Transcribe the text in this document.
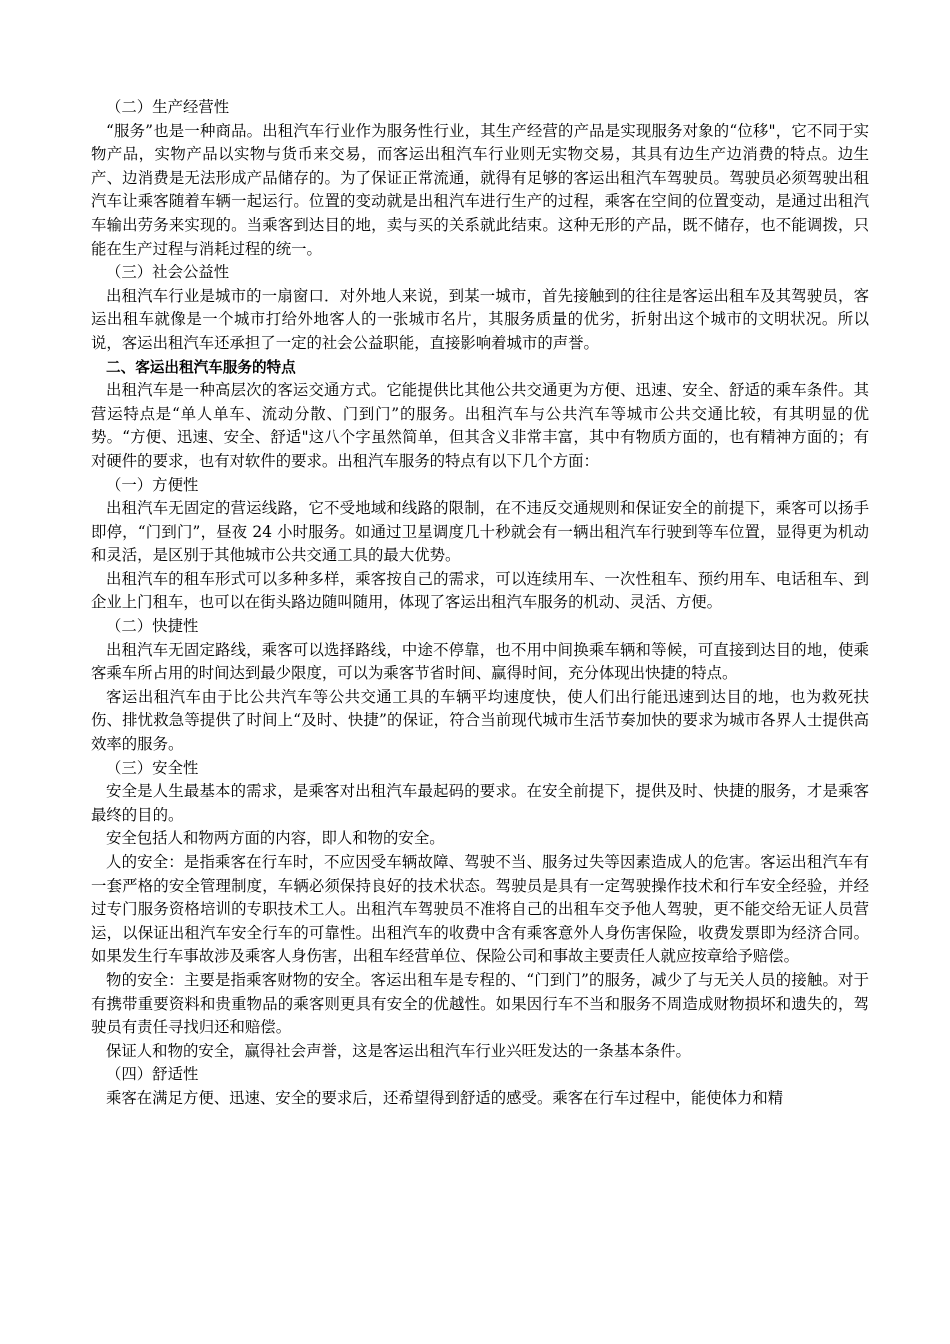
（二）生产经营性

“服务”也是一种商品。出租汽车行业作为服务性行业，其生产经营的产品是实现服务对象的“位移"，它不同于实物产品，实物产品以实物与货币来交易，而客运出租汽车行业则无实物交易，其具有边生产边消费的特点。边生产、边消费是无法形成产品储存的。为了保证正常流通，就得有足够的客运出租汽车驾驶员。驾驶员必须驾驶出租汽车让乘客随着车辆一起运行。位置的变动就是出租汽车进行生产的过程，乘客在空间的位置变动，是通过出租汽车输出劳务来实现的。当乘客到达目的地，卖与买的关系就此结束。这种无形的产品，既不储存，也不能调拨，只能在生产过程与消耗过程的统一。

（三）社会公益性

出租汽车行业是城市的一扇窗口．对外地人来说，到某一城市，首先接触到的往往是客运出租车及其驾驶员，客运出租车就像是一个城市打给外地客人的一张城市名片，其服务质量的优劣，折射出这个城市的文明状况。所以说，客运出租汽车还承担了一定的社会公益职能，直接影响着城市的声誉。

二、客运出租汽车服务的特点

出租汽车是一种高层次的客运交通方式。它能提供比其他公共交通更为方便、迅速、安全、舒适的乘车条件。其营运特点是“单人单车、流动分散、门到门”的服务。出租汽车与公共汽车等城市公共交通比较，有其明显的优势。“方便、迅速、安全、舒适"这八个字虽然简单，但其含义非常丰富，其中有物质方面的，也有精神方面的；有对硬件的要求，也有对软件的要求。出租汽车服务的特点有以下几个方面：

（一）方便性

出租汽车无固定的营运线路，它不受地域和线路的限制，在不违反交通规则和保证安全的前提下，乘客可以扬手即停，“门到门”，昼夜 24 小时服务。如通过卫星调度几十秒就会有一辆出租汽车行驶到等车位置，显得更为机动和灵活，是区别于其他城市公共交通工具的最大优势。

出租汽车的租车形式可以多种多样，乘客按自己的需求，可以连续用车、一次性租车、预约用车、电话租车、到企业上门租车，也可以在街头路边随叫随用，体现了客运出租汽车服务的机动、灵活、方便。

（二）快捷性

出租汽车无固定路线，乘客可以选择路线，中途不停靠，也不用中间换乘车辆和等候，可直接到达目的地，使乘客乘车所占用的时间达到最少限度，可以为乘客节省时间、赢得时间，充分体现出快捷的特点。

客运出租汽车由于比公共汽车等公共交通工具的车辆平均速度快，使人们出行能迅速到达目的地，也为救死扶伤、排忧救急等提供了时间上“及时、快捷”的保证，符合当前现代城市生活节奏加快的要求为城市各界人士提供高效率的服务。

（三）安全性

安全是人生最基本的需求，是乘客对出租汽车最起码的要求。在安全前提下，提供及时、快捷的服务，才是乘客最终的目的。

安全包括人和物两方面的内容，即人和物的安全。

人的安全：是指乘客在行车时，不应因受车辆故障、驾驶不当、服务过失等因素造成人的危害。客运出租汽车有一套严格的安全管理制度，车辆必须保持良好的技术状态。驾驶员是具有一定驾驶操作技术和行车安全经验，并经过专门服务资格培训的专职技术工人。出租汽车驾驶员不准将自己的出租车交予他人驾驶，更不能交给无证人员营运，以保证出租汽车安全行车的可靠性。出租汽车的收费中含有乘客意外人身伤害保险，收费发票即为经济合同。如果发生行车事故涉及乘客人身伤害，出租车经营单位、保险公司和事故主要责任人就应按章给予赔偿。

物的安全：主要是指乘客财物的安全。客运出租车是专程的、“门到门”的服务，减少了与无关人员的接触。对于有携带重要资料和贵重物品的乘客则更具有安全的优越性。如果因行车不当和服务不周造成财物损坏和遗失的，驾驶员有责任寻找归还和赔偿。

保证人和物的安全，赢得社会声誉，这是客运出租汽车行业兴旺发达的一条基本条件。

（四）舒适性

乘客在满足方便、迅速、安全的要求后，还希望得到舒适的感受。乘客在行车过程中，能使体力和精
